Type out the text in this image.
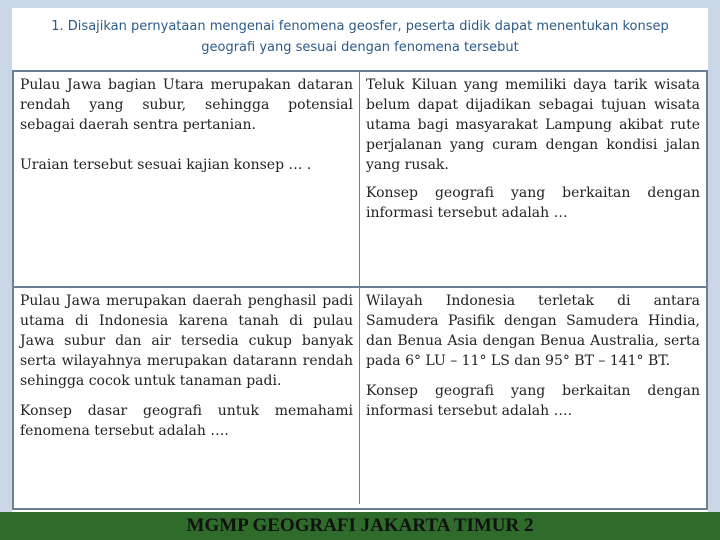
1. Disajikan pernyataan mengenai fenomena geosfer, peserta didik dapat menentukan konsep
geografi yang sesuai dengan fenomena tersebut

Pulau Jawa bagian Utara merupakan dataran rendah yang subur, sehingga potensial sebagai daerah sentra pertanian.

Uraian tersebut sesuai kajian konsep … .

Teluk Kiluan yang memiliki daya tarik wisata belum dapat dijadikan sebagai tujuan wisata utama bagi masyarakat Lampung akibat rute perjalanan yang curam dengan kondisi jalan yang rusak.

Konsep geografi yang berkaitan dengan informasi tersebut adalah …

Pulau Jawa merupakan daerah penghasil padi utama di Indonesia karena tanah di pulau Jawa subur dan air tersedia cukup banyak serta wilayahnya merupakan datarann rendah sehingga cocok untuk tanaman padi.

Konsep dasar geografi untuk memahami fenomena tersebut adalah ….

Wilayah Indonesia terletak di antara Samudera Pasifik dengan Samudera Hindia, dan Benua Asia dengan Benua Australia, serta pada 6° LU – 11° LS dan 95° BT – 141° BT.

Konsep geografi yang berkaitan dengan informasi tersebut adalah ….

MGMP GEOGRAFI JAKARTA TIMUR 2
